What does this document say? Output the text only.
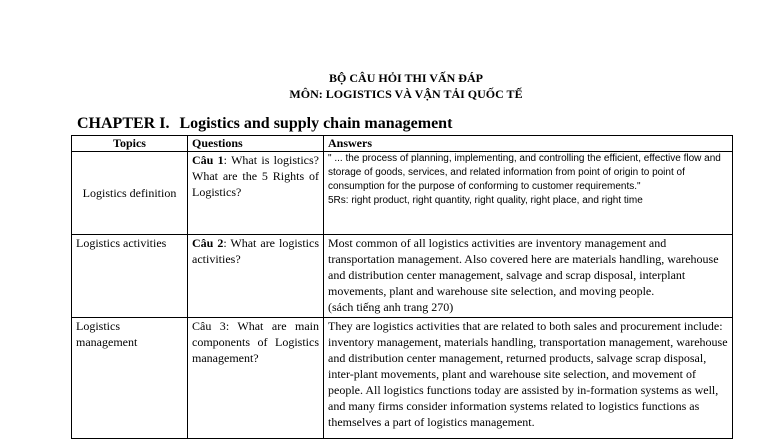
BỘ CÂU HỎI THI VẤN ĐÁP
MÔN: LOGISTICS VÀ VẬN TẢI QUỐC TẾ
CHAPTER I. Logistics and supply chain management
Topics	Questions	Answers
Logistics definition	Câu 1: What is logistics? What are the 5 Rights of Logistics?	" ... the process of planning, implementing, and controlling the efficient, effective flow and storage of goods, services, and related information from point of origin to point of consumption for the purpose of conforming to customer requirements."
5Rs: right product, right quantity, right quality, right place, and right time

Logistics activities	Câu 2: What are logistics activities?	Most common of all logistics activities are inventory management and transportation management. Also covered here are materials handling, warehouse and distribution center management, salvage and scrap disposal, interplant movements, plant and warehouse site selection, and moving people.
(sách tiếng anh trang 270)

Logistics management	Câu 3: What are main components of Logistics management?	They are logistics activities that are related to both sales and procurement include:
inventory management, materials handling, transportation management, warehouse and distribution center management, returned products, salvage scrap disposal, inter-plant movements, plant and warehouse site selection, and movement of people. All logistics functions today are assisted by in-formation systems as well, and many firms consider information systems related to logistics functions as themselves a part of logistics management.
